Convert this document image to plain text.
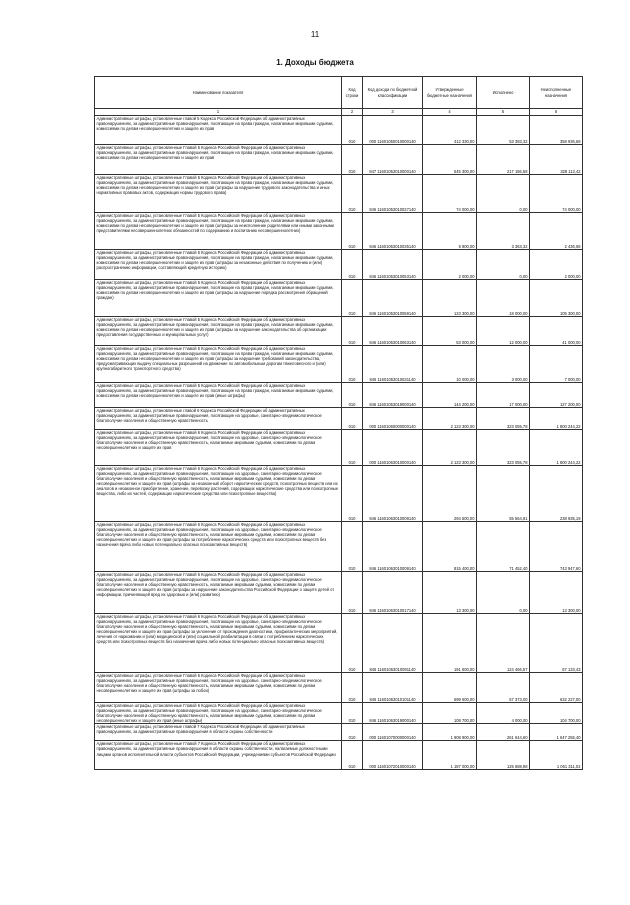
11
1. Доходы бюджета
Наименование показателя	Код строки	Код дохода по бюджетной классификации	Утвержденные бюджетные назначения	Исполнено	Неисполненные назначения
1	2	3	4	5	6
Административные штрафы, установленные главой 5 Кодекса Российской Федерации об административных правонарушениях, за административные правонарушения, посягающие на права граждан, налагаемые мировыми судьями, комиссиями по делам несовершеннолетних и защите их прав	010	000 11601050010000140	412 330,00	53 393,32	358 936,68
Административные штрафы, установленные Главой 5 Кодекса Российской Федерации об административных правонарушениях, за административные правонарушения, посягающие на права граждан, налагаемые мировыми судьями, комиссиями по делам несовершеннолетних и защите их прав	010	847 11601053010000140	545 300,00	217 186,58	328 113,42
Административные штрафы, установленные Главой 5 Кодекса Российской Федерации об административных правонарушениях, за административные правонарушения, посягающие на права граждан, налагаемые мировыми судьями, комиссиями по делам несовершеннолетних и защите их прав (штрафы за нарушение трудового законодательства и иных нормативных правовых актов, содержащих нормы трудового права)	010	846 11601053010027140	74 000,00	0,00	74 000,00
Административные штрафы, установленные Главой 5 Кодекса Российской Федерации об административных правонарушениях, за административные правонарушения, посягающие на права граждан, налагаемые мировыми судьями, комиссиями по делам несовершеннолетних и защите их прав (штрафы за неисполнение родителями или иными законными представителями несовершеннолетних обязанностей по содержанию и воспитанию несовершеннолетних)	010	846 11601053010035140	5 800,00	3 363,32	2 436,68
Административные штрафы, установленные Главой 5 Кодекса Российской Федерации об административных правонарушениях, за административные правонарушения, посягающие на права граждан, налагаемые мировыми судьями, комиссиями по делам несовершеннолетних и защите их прав (штрафы за незаконные действия по получению и (или) распространению информации, составляющей кредитную историю)	010	846 11601053010053140	2 000,00	0,00	2 000,00
Административные штрафы, установленные Главой 5 Кодекса Российской Федерации об административных правонарушениях, за административные правонарушения, посягающие на права граждан, налагаемые мировыми судьями, комиссиями по делам несовершеннолетних и защите их прав (штрафы за нарушение порядка рассмотрения обращений граждан)	010	846 11601053010059140	123 300,00	18 000,00	105 300,00
Административные штрафы, установленные Главой 5 Кодекса Российской Федерации об административных правонарушениях, за административные правонарушения, посягающие на права граждан, налагаемые мировыми судьями, комиссиями по делам несовершеннолетних и защите их прав (штрафы за нарушение законодательства об организации предоставления государственных и муниципальных услуг)	010	846 11601053010063140	53 000,00	12 000,00	41 000,00
Административные штрафы, установленные Главой 5 Кодекса Российской Федерации об административных правонарушениях, за административные правонарушения, посягающие на права граждан, налагаемые мировыми судьями, комиссиями по делам несовершеннолетних и защите их прав (штрафы за нарушение требований законодательства, предусматривающих выдачу специальных разрешений на движение по автомобильным дорогам тяжеловесного и (или) крупногабаритного транспортного средства)	010	846 11601053010631140	10 000,00	3 000,00	7 000,00
Административные штрафы, установленные Главой 5 Кодекса Российской Федерации об административных правонарушениях, за административные правонарушения, посягающие на права граждан, налагаемые мировыми судьями, комиссиями по делам несовершеннолетних и защите их прав (иные штрафы)	010	846 11601053019000140	144 200,00	17 000,00	127 200,00
Административные штрафы, установленные главой 6 Кодекса Российской Федерации об административных правонарушениях, за административные правонарушения, посягающие на здоровье, санитарно-эпидемиологическое благополучие населения и общественную нравственность	010	000 11601060000000140	2 123 300,00	323 055,78	1 800 244,22
Административные штрафы, установленные Главой 6 Кодекса Российской Федерации об административных правонарушениях, за административные правонарушения, посягающие на здоровье, санитарно-эпидемиологическое благополучие населения и общественную нравственность, налагаемые мировыми судьями, комиссиями по делам несовершеннолетних и защите их прав	010	000 11601063010000140	2 123 300,00	323 055,78	1 800 244,22
Административные штрафы, установленные Главой 6 Кодекса Российской Федерации об административных правонарушениях, за административные правонарушения, посягающие на здоровье, санитарно-эпидемиологическое благополучие населения и общественную нравственность, налагаемые мировыми судьями, комиссиями по делам несовершеннолетних и защите их прав (штрафы за незаконный оборот наркотических средств, психотропных веществ или их аналогов и незаконное приобретение, хранение, перевозку растений, содержащих наркотические средства или психотропные вещества, либо их частей, содержащих наркотические средства или психотропные вещества)	010	846 11601063010008140	294 500,00	55 564,81	238 935,19
Административные штрафы, установленные Главой 6 Кодекса Российской Федерации об административных правонарушениях, за административные правонарушения, посягающие на здоровье, санитарно-эпидемиологическое благополучие населения и общественную нравственность, налагаемые мировыми судьями, комиссиями по делам несовершеннолетних и защите их прав (штрафы за потребление наркотических средств или психотропных веществ без назначения врача либо новых потенциально опасных психоактивных веществ)	010	846 11601063010009140	815 400,00	71 452,40	743 947,60
Административные штрафы, установленные Главой 6 Кодекса Российской Федерации об административных правонарушениях, за административные правонарушения, посягающие на здоровье, санитарно-эпидемиологическое благополучие населения и общественную нравственность, налагаемые мировыми судьями, комиссиями по делам несовершеннолетних и защите их прав (штрафы за нарушение законодательства Российской Федерации о защите детей от информации, причиняющей вред их здоровью и (или) развитию)	010	846 11601063010017140	13 300,00	0,00	13 300,00
Административные штрафы, установленные Главой 6 Кодекса Российской Федерации об административных правонарушениях, за административные правонарушения, посягающие на здоровье, санитарно-эпидемиологическое благополучие населения и общественную нравственность, налагаемые мировыми судьями, комиссиями по делам несовершеннолетних и защите их прав (штрафы за уклонение от прохождения диагностики, профилактических мероприятий, лечения от наркомании и (или) медицинской и (или) социальной реабилитации в связи с потреблением наркотических средств или психотропных веществ без назначения врача либо новых потенциально опасных психоактивных веществ)	010	846 11601063010091140	191 600,00	124 466,57	67 133,43
Административные штрафы, установленные Главой 6 Кодекса Российской Федерации об административных правонарушениях, за административные правонарушения, посягающие на здоровье, санитарно-эпидемиологическое благополучие населения и общественную нравственность, налагаемые мировыми судьями, комиссиями по делам несовершеннолетних и защите их прав (штрафы за побои)	010	846 11601063010101140	699 600,00	67 373,00	632 227,00
Административные штрафы, установленные Главой 6 Кодекса Российской Федерации об административных правонарушениях, за административные правонарушения, посягающие на здоровье, санитарно-эпидемиологическое благополучие населения и общественную нравственность, налагаемые мировыми судьями, комиссиями по делам несовершеннолетних и защите их прав (иные штрафы)	010	846 11601063019000140	108 700,00	4 000,00	104 700,00
Административные штрафы, установленные главой 7 Кодекса Российской Федерации об административных правонарушениях, за административные правонарушения в области охраны собственности	010	000 11601070000000140	1 908 900,00	261 644,60	1 647 255,40
Административные штрафы, установленные Главой 7 Кодекса Российской Федерации об административных правонарушениях, за административные правонарушения в области охраны собственности, налагаемые должностными лицами органов исполнительной власти субъектов Российской Федерации, учреждениями субъектов Российской Федерации	010	000 11601072010000140	1 187 000,00	125 688,98	1 061 311,02
